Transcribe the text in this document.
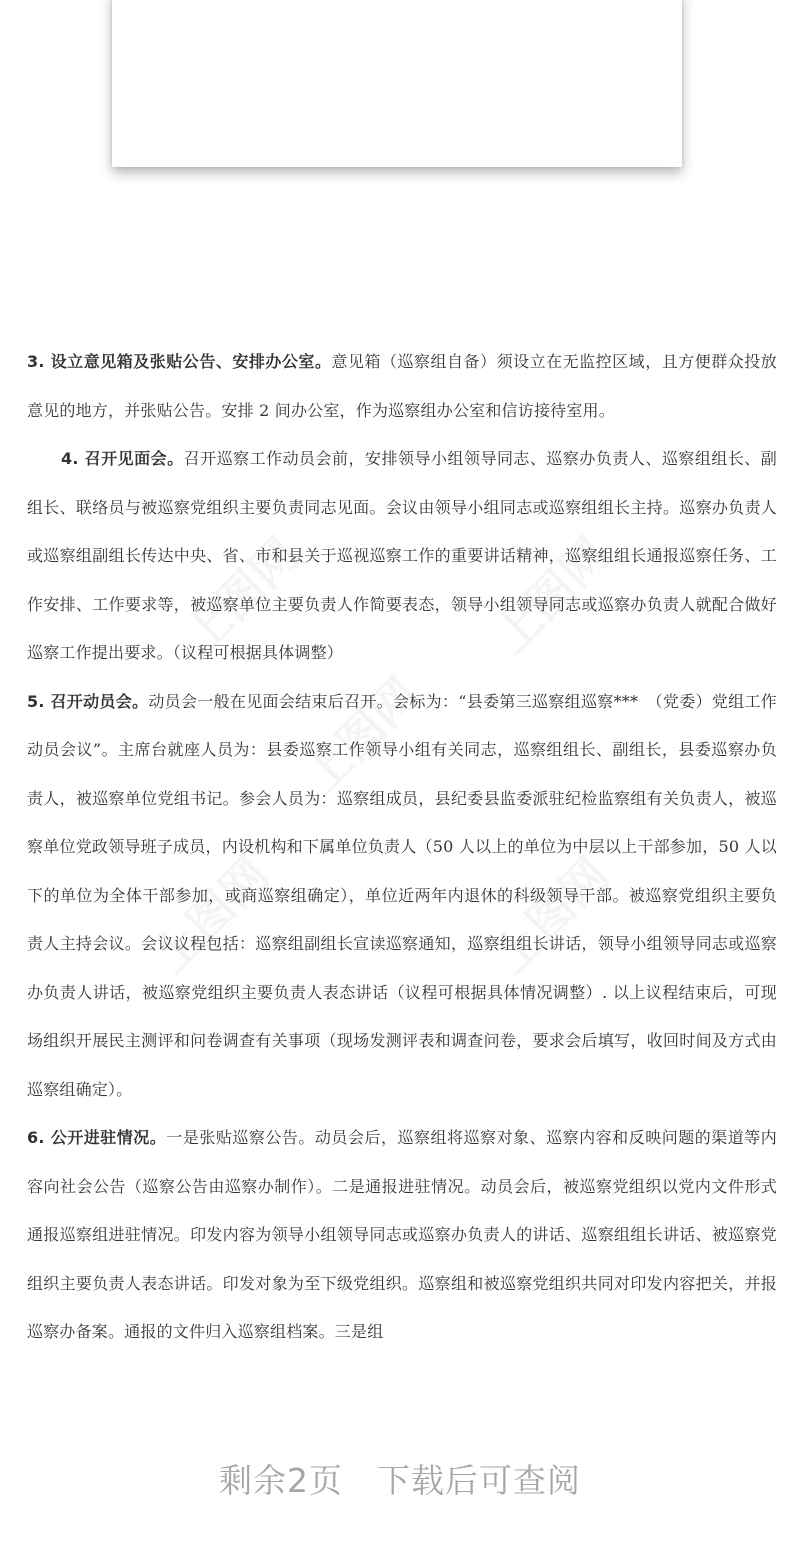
3. 设立意见箱及张贴公告、安排办公室。意见箱（巡察组自备）须设立在无监控区域，且方便群众投放意见的地方，并张贴公告。安排 2 间办公室，作为巡察组办公室和信访接待室用。

4. 召开见面会。召开巡察工作动员会前，安排领导小组领导同志、巡察办负责人、巡察组组长、副组长、联络员与被巡察党组织主要负责同志见面。会议由领导小组同志或巡察组组长主持。巡察办负责人或巡察组副组长传达中央、省、市和县关于巡视巡察工作的重要讲话精神，巡察组组长通报巡察任务、工作安排、工作要求等，被巡察单位主要负责人作简要表态，领导小组领导同志或巡察办负责人就配合做好巡察工作提出要求。（议程可根据具体调整）

5. 召开动员会。动员会一般在见面会结束后召开。会标为：“县委第三巡察组巡察***　（党委）党组工作动员会议”。主席台就座人员为：县委巡察工作领导小组有关同志，巡察组组长、副组长，县委巡察办负责人，被巡察单位党组书记。参会人员为：巡察组成员，县纪委县监委派驻纪检监察组有关负责人，被巡察单位党政领导班子成员，内设机构和下属单位负责人（50 人以上的单位为中层以上干部参加，50 人以下的单位为全体干部参加，或商巡察组确定），单位近两年内退休的科级领导干部。被巡察党组织主要负责人主持会议。会议议程包括：巡察组副组长宣读巡察通知，巡察组组长讲话，领导小组领导同志或巡察办负责人讲话，被巡察党组织主要负责人表态讲话（议程可根据具体情况调整）. 以上议程结束后，可现场组织开展民主测评和问卷调查有关事项（现场发测评表和调查问卷，要求会后填写，收回时间及方式由巡察组确定）。

6. 公开进驻情况。一是张贴巡察公告。动员会后，巡察组将巡察对象、巡察内容和反映问题的渠道等内容向社会公告（巡察公告由巡察办制作）。二是通报进驻情况。动员会后，被巡察党组织以党内文件形式通报巡察组进驻情况。印发内容为领导小组领导同志或巡察办负责人的讲话、巡察组组长讲话、被巡察党组织主要负责人表态讲话。印发对象为至下级党组织。巡察组和被巡察党组织共同对印发内容把关，并报巡察办备案。通报的文件归入巡察组档案。三是组

剩余2页 下载后可查阅
